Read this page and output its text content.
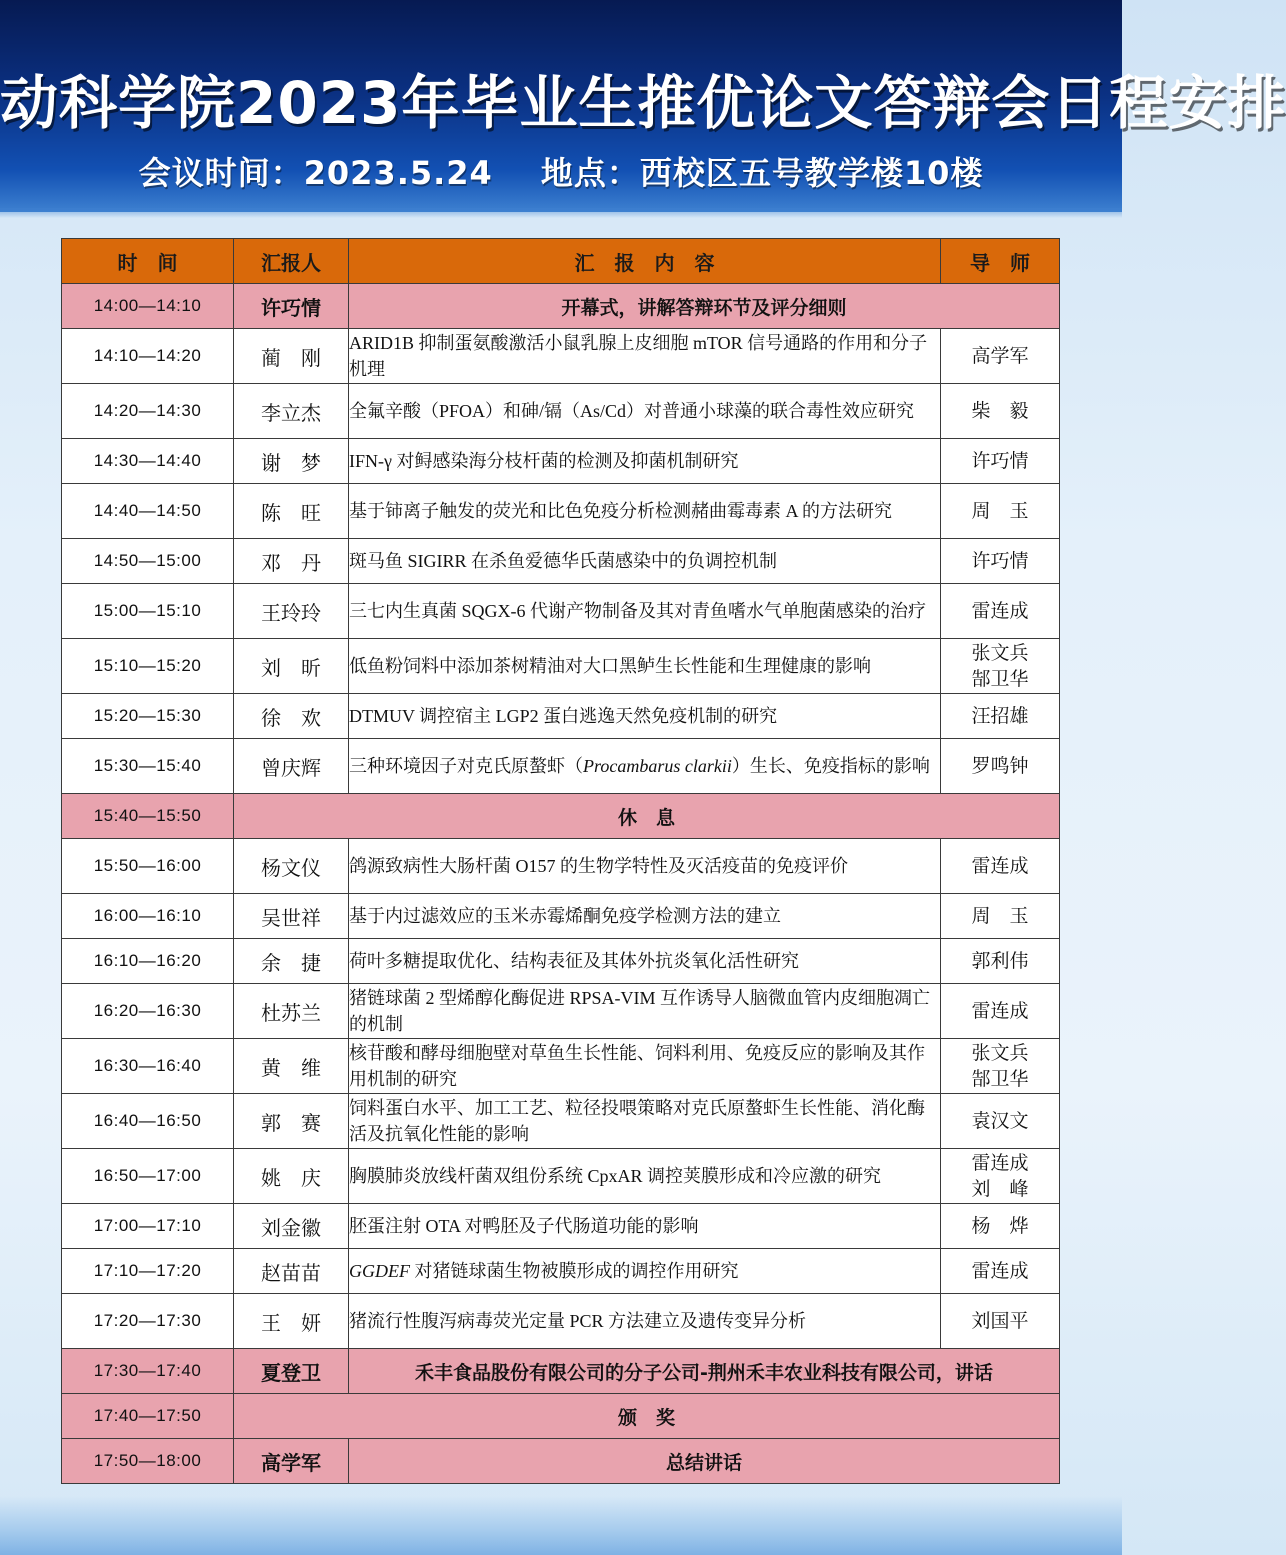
动科学院2023年毕业生推优论文答辩会日程安排
会议时间：2023.5.24 地点：西校区五号教学楼10楼
时　间	汇报人	汇　报　内　容	导　师
14:00—14:10	许巧情	开幕式，讲解答辩环节及评分细则	
14:10—14:20	蔺　刚	ARID1B 抑制蛋氨酸激活小鼠乳腺上皮细胞 mTOR 信号通路的作用和分子机理	高学军

14:20—14:30	李立杰	全氟辛酸（PFOA）和砷/镉（As/Cd）对普通小球藻的联合毒性效应研究	柴　毅

14:30—14:40	谢　梦	IFN-γ 对鲟感染海分枝杆菌的检测及抑菌机制研究	许巧情

14:40—14:50	陈　旺	基于铈离子触发的荧光和比色免疫分析检测赭曲霉毒素 A 的方法研究	周　玉

14:50—15:00	邓　丹	斑马鱼 SIGIRR 在杀鱼爱德华氏菌感染中的负调控机制	许巧情

15:00—15:10	王玲玲	三七内生真菌 SQGX-6 代谢产物制备及其对青鱼嗜水气单胞菌感染的治疗	雷连成

15:10—15:20	刘　昕	低鱼粉饲料中添加茶树精油对大口黑鲈生长性能和生理健康的影响	张文兵
郜卫华

15:20—15:30	徐　欢	DTMUV 调控宿主 LGP2 蛋白逃逸天然免疫机制的研究	汪招雄

15:30—15:40	曾庆辉	三种环境因子对克氏原螯虾（Procambarus clarkii）生长、免疫指标的影响	罗鸣钟

15:40—15:50	休　息		
15:50—16:00	杨文仪	鸽源致病性大肠杆菌 O157 的生物学特性及灭活疫苗的免疫评价	雷连成

16:00—16:10	吴世祥	基于内过滤效应的玉米赤霉烯酮免疫学检测方法的建立	周　玉

16:10—16:20	余　捷	荷叶多糖提取优化、结构表征及其体外抗炎氧化活性研究	郭利伟

16:20—16:30	杜苏兰	猪链球菌 2 型烯醇化酶促进 RPSA-VIM 互作诱导人脑微血管内皮细胞凋亡的机制	雷连成

16:30—16:40	黄　维	核苷酸和酵母细胞壁对草鱼生长性能、饲料利用、免疫反应的影响及其作用机制的研究	张文兵
郜卫华

16:40—16:50	郭　赛	饲料蛋白水平、加工工艺、粒径投喂策略对克氏原螯虾生长性能、消化酶活及抗氧化性能的影响	袁汉文

16:50—17:00	姚　庆	胸膜肺炎放线杆菌双组份系统 CpxAR 调控荚膜形成和冷应激的研究	雷连成
刘　峰

17:00—17:10	刘金徽	胚蛋注射 OTA 对鸭胚及子代肠道功能的影响	杨　烨

17:10—17:20	赵苗苗	GGDEF 对猪链球菌生物被膜形成的调控作用研究	雷连成

17:20—17:30	王　妍	猪流行性腹泻病毒荧光定量 PCR 方法建立及遗传变异分析	刘国平

17:30—17:40	夏登卫	禾丰食品股份有限公司的分子公司-荆州禾丰农业科技有限公司，讲话	
17:40—17:50	颁　奖		
17:50—18:00	高学军	总结讲话	
